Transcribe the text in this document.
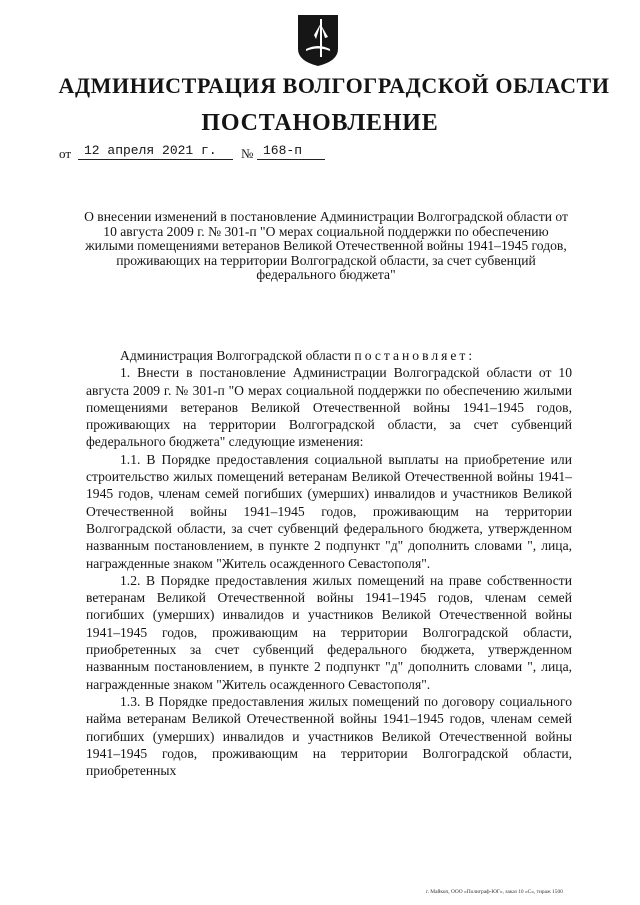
АДМИНИСТРАЦИЯ ВОЛГОГРАДСКОЙ ОБЛАСТИ
ПОСТАНОВЛЕНИЕ
от 12 апреля 2021 г.	№ 168-п
О внесении изменений в постановление Администрации Волгоградской области от 10 августа 2009 г. № 301-п "О мерах социальной поддержки по обеспечению жилыми помещениями ветеранов Великой Отечественной войны 1941–1945 годов, проживающих на территории Волгоградской области, за счет субвенций федерального бюджета"

Администрация Волгоградской области постановляет:

1. Внести в постановление Администрации Волгоградской области от 10 августа 2009 г. № 301-п "О мерах социальной поддержки по обеспечению жилыми помещениями ветеранов Великой Отечественной войны 1941–1945 годов, проживающих на территории Волгоградской области, за счет субвенций федерального бюджета" следующие изменения:

1.1. В Порядке предоставления социальной выплаты на приобретение или строительство жилых помещений ветеранам Великой Отечественной войны 1941–1945 годов, членам семей погибших (умерших) инвалидов и участников Великой Отечественной войны 1941–1945 годов, проживающим на территории Волгоградской области, за счет субвенций федерального бюджета, утвержденном названным постановлением, в пункте 2 подпункт "д" дополнить словами ", лица, награжденные знаком "Житель осажденного Севастополя".

1.2. В Порядке предоставления жилых помещений на праве собственности ветеранам Великой Отечественной войны 1941–1945 годов, членам семей погибших (умерших) инвалидов и участников Великой Отечественной войны 1941–1945 годов, проживающим на территории Волгоградской области, приобретенных за счет субвенций федерального бюджета, утвержденном названным постановлением, в пункте 2 подпункт "д" дополнить словами ", лица, награжденные знаком "Житель осажденного Севастополя".

1.3. В Порядке предоставления жилых помещений по договору социального найма ветеранам Великой Отечественной войны 1941–1945 годов, членам семей погибших (умерших) инвалидов и участников Великой Отечественной войны 1941–1945 годов, проживающим на территории Волгоградской области, приобретенных

г. Майкоп, ООО «Полиграф-ЮГ», заказ 10 «С», тираж 1500
